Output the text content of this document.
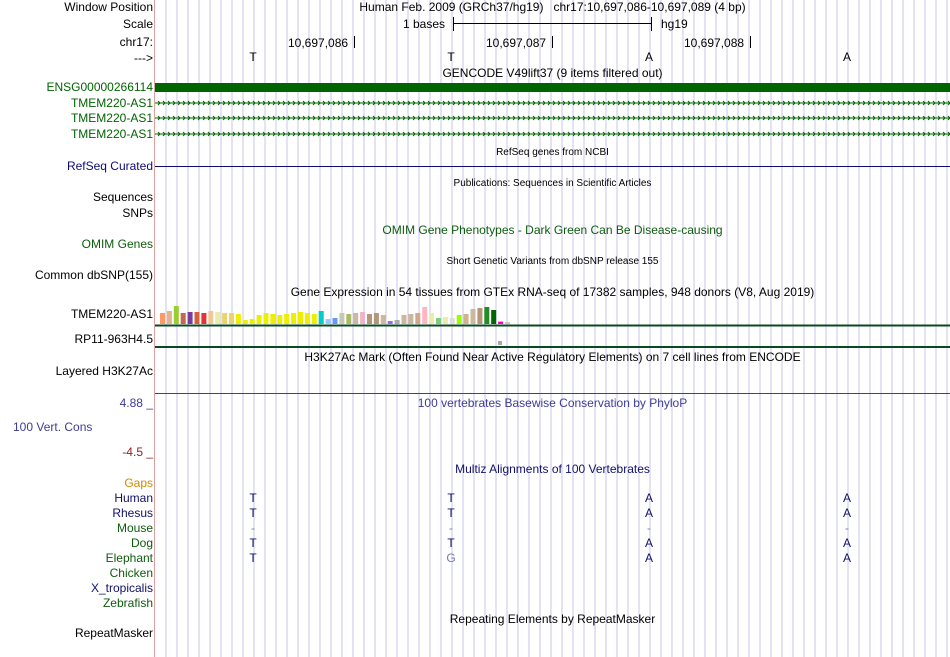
Window Position
Scale
chr17:
--->
Human Feb. 2009 (GRCh37/hg19)   chr17:10,697,086-10,697,089 (4 bp)
1 bases	hg19
10,697,086	10,697,087	10,697,088
T	T	A	A
GENCODE V49lift37 (9 items filtered out)
ENSG00000266114
TMEM220-AS1
TMEM220-AS1
TMEM220-AS1
RefSeq genes from NCBI
RefSeq Curated
Publications: Sequences in Scientific Articles
Sequences
SNPs
OMIM Gene Phenotypes - Dark Green Can Be Disease-causing
OMIM Genes
Short Genetic Variants from dbSNP release 155
Common dbSNP(155)
Gene Expression in 54 tissues from GTEx RNA-seq of 17382 samples, 948 donors (V8, Aug 2019)
TMEM220-AS1
RP11-963H4.5
H3K27Ac Mark (Often Found Near Active Regulatory Elements) on 7 cell lines from ENCODE
Layered H3K27Ac
100 vertebrates Basewise Conservation by PhyloP
4.88 _
100 Vert. Cons
-4.5 _
Multiz Alignments of 100 Vertebrates
Gaps
Human	T	T	A	A
Rhesus	T	T	A	A
Mouse	-	-	-	-
Dog	T	T	A	A
Elephant	T	G	A	A
Chicken
X_tropicalis
Zebrafish
Repeating Elements by RepeatMasker
RepeatMasker
